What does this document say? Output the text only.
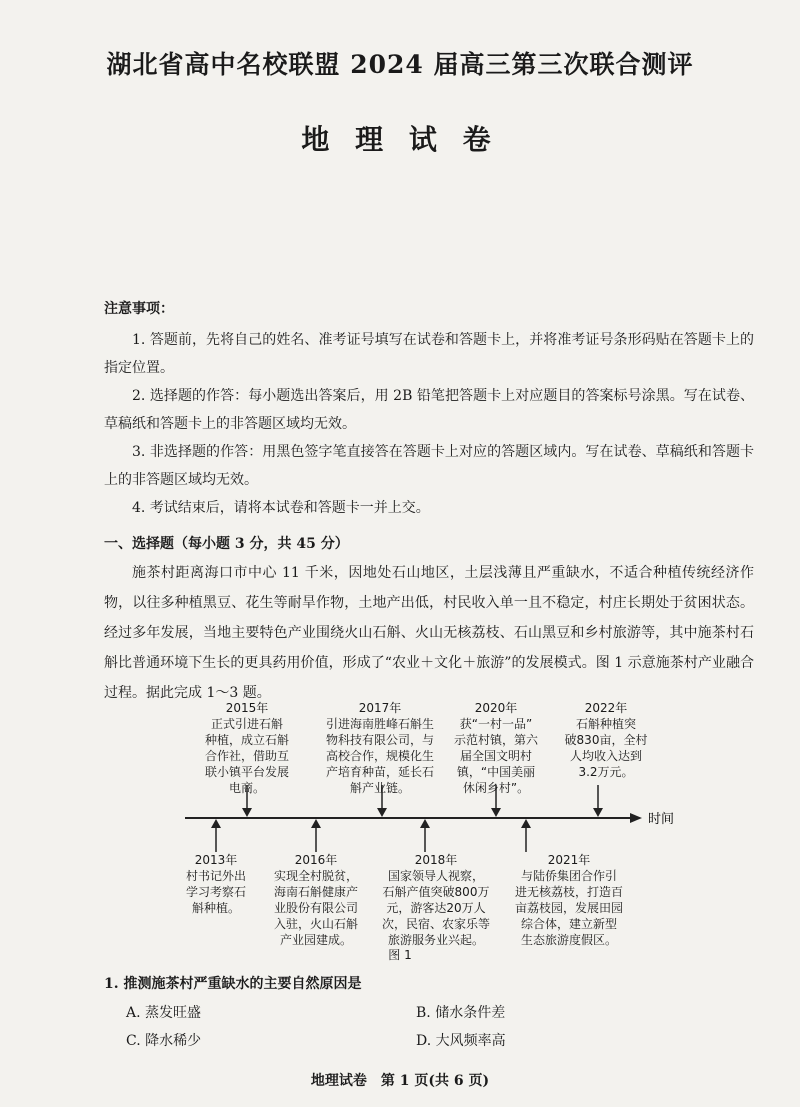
湖北省高中名校联盟 2024 届高三第三次联合测评
地 理 试 卷
注意事项：
1. 答题前，先将自己的姓名、准考证号填写在试卷和答题卡上，并将准考证号条形码贴在答题卡上的指定位置。
2. 选择题的作答：每小题选出答案后，用 2B 铅笔把答题卡上对应题目的答案标号涂黑。写在试卷、草稿纸和答题卡上的非答题区域均无效。
3. 非选择题的作答：用黑色签字笔直接答在答题卡上对应的答题区域内。写在试卷、草稿纸和答题卡上的非答题区域均无效。
4. 考试结束后，请将本试卷和答题卡一并上交。
一、选择题（每小题 3 分，共 45 分）
施茶村距离海口市中心 11 千米，因地处石山地区，土层浅薄且严重缺水，不适合种植传统经济作物，以往多种植黑豆、花生等耐旱作物，土地产出低，村民收入单一且不稳定，村庄长期处于贫困状态。经过多年发展，当地主要特色产业围绕火山石斛、火山无核荔枝、石山黑豆和乡村旅游等，其中施茶村石斛比普通环境下生长的更具药用价值，形成了“农业＋文化＋旅游”的发展模式。图 1 示意施茶村产业融合过程。据此完成 1～3 题。
时间
2015年
正式引进石斛
种植，成立石斛
合作社，借助互
联小镇平台发展
电商。
2017年
引进海南胜峰石斛生
物科技有限公司，与
高校合作，规模化生
产培育种苗，延长石
斛产业链。
2020年
获“一村一品”
示范村镇，第六
届全国文明村
镇，“中国美丽
休闲乡村”。
2022年
石斛种植突
破830亩，全村
人均收入达到
3.2万元。
2013年
村书记外出
学习考察石
斛种植。
2016年
实现全村脱贫，
海南石斛健康产
业股份有限公司
入驻，火山石斛
产业园建成。
2018年
国家领导人视察，
石斛产值突破800万
元，游客达20万人
次，民宿、农家乐等
旅游服务业兴起。
2021年
与陆侨集团合作引
进无核荔枝，打造百
亩荔枝园，发展田园
综合体，建立新型
生态旅游度假区。
图 1
1. 推测施茶村严重缺水的主要自然原因是
A. 蒸发旺盛	B. 储水条件差
C. 降水稀少	D. 大风频率高
地理试卷　第 1 页(共 6 页)
